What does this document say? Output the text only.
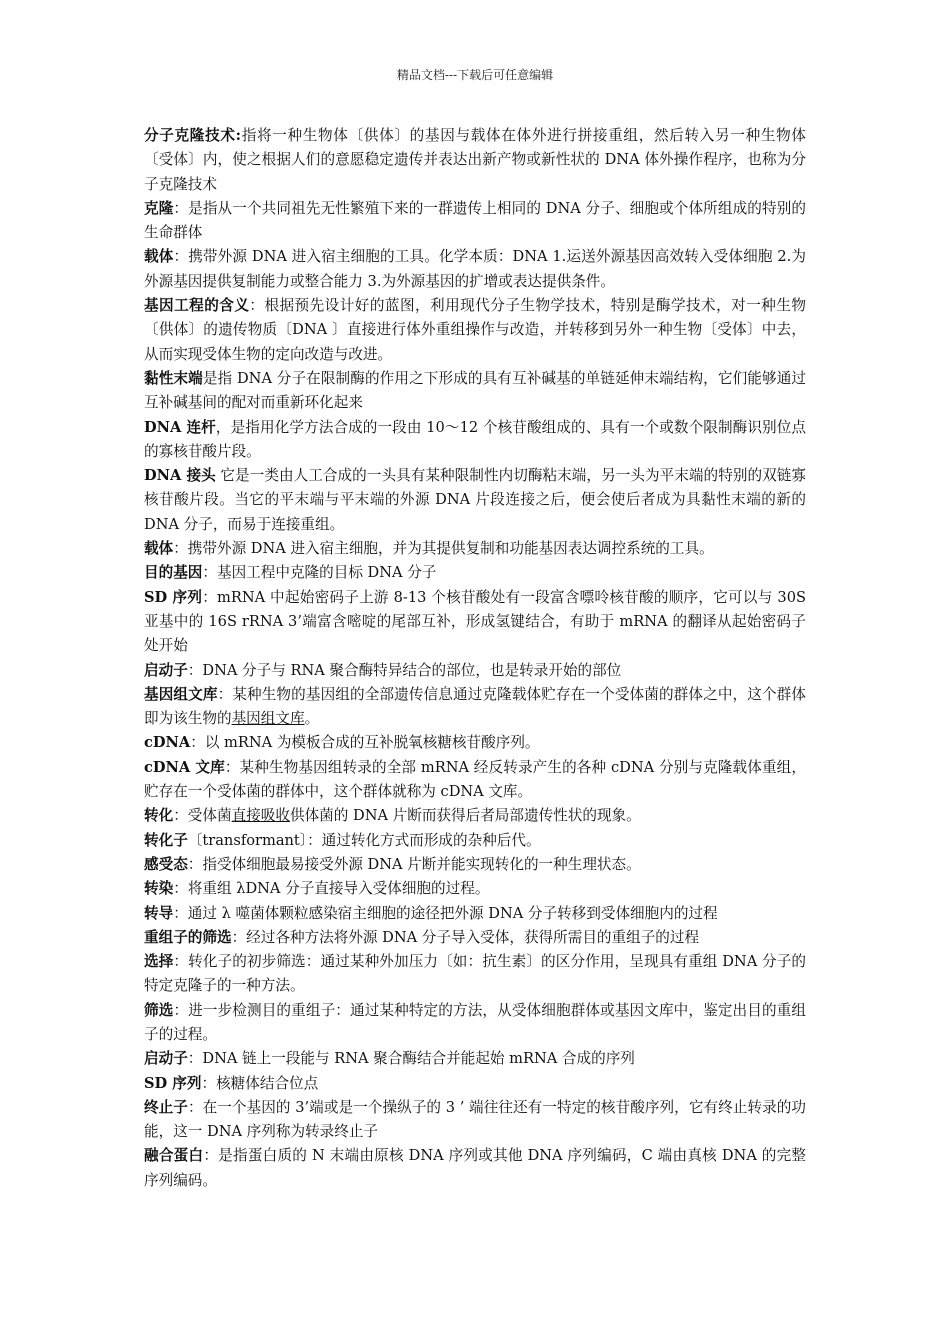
精品文档---下载后可任意编辑

分子克隆技术:指将一种生物体〔供体〕的基因与载体在体外进行拼接重组，然后转入另一种生物体〔受体〕内，使之根据人们的意愿稳定遗传并表达出新产物或新性状的 DNA 体外操作程序，也称为分子克隆技术

克隆：是指从一个共同祖先无性繁殖下来的一群遗传上相同的 DNA 分子、细胞或个体所组成的特别的生命群体

载体：携带外源 DNA 进入宿主细胞的工具。化学本质：DNA 1.运送外源基因高效转入受体细胞 2.为外源基因提供复制能力或整合能力 3.为外源基因的扩增或表达提供条件。

基因工程的含义：根据预先设计好的蓝图，利用现代分子生物学技术，特别是酶学技术，对一种生物〔供体〕的遗传物质〔DNA 〕直接进行体外重组操作与改造，并转移到另外一种生物〔受体〕中去，从而实现受体生物的定向改造与改进。

黏性末端是指 DNA 分子在限制酶的作用之下形成的具有互补碱基的单链延伸末端结构，它们能够通过互补碱基间的配对而重新环化起来

DNA 连杆，是指用化学方法合成的一段由 10～12 个核苷酸组成的、具有一个或数个限制酶识别位点的寡核苷酸片段。

DNA 接头 它是一类由人工合成的一头具有某种限制性内切酶粘末端，另一头为平末端的特别的双链寡核苷酸片段。当它的平末端与平末端的外源 DNA 片段连接之后，便会使后者成为具黏性末端的新的 DNA 分子，而易于连接重组。

载体：携带外源 DNA 进入宿主细胞，并为其提供复制和功能基因表达调控系统的工具。

目的基因：基因工程中克隆的目标 DNA 分子

SD 序列：mRNA 中起始密码子上游 8-13 个核苷酸处有一段富含嘌呤核苷酸的顺序，它可以与 30S 亚基中的 16S rRNA 3’端富含嘧啶的尾部互补，形成氢键结合，有助于 mRNA 的翻译从起始密码子处开始

启动子：DNA 分子与 RNA 聚合酶特异结合的部位，也是转录开始的部位

基因组文库：某种生物的基因组的全部遗传信息通过克隆载体贮存在一个受体菌的群体之中，这个群体即为该生物的基因组文库。

cDNA：以 mRNA 为模板合成的互补脱氧核糖核苷酸序列。

cDNA 文库：某种生物基因组转录的全部 mRNA 经反转录产生的各种 cDNA 分别与克隆载体重组，贮存在一个受体菌的群体中，这个群体就称为 cDNA 文库。

转化：受体菌直接吸收供体菌的 DNA 片断而获得后者局部遗传性状的现象。

转化子〔transformant〕：通过转化方式而形成的杂种后代。

感受态：指受体细胞最易接受外源 DNA 片断并能实现转化的一种生理状态。

转染：将重组 λDNA 分子直接导入受体细胞的过程。

转导：通过 λ 噬菌体颗粒感染宿主细胞的途径把外源 DNA 分子转移到受体细胞内的过程

重组子的筛选：经过各种方法将外源 DNA 分子导入受体，获得所需目的重组子的过程

选择：转化子的初步筛选：通过某种外加压力〔如：抗生素〕的区分作用，呈现具有重组 DNA 分子的特定克隆子的一种方法。

筛选：进一步检测目的重组子：通过某种特定的方法，从受体细胞群体或基因文库中，鉴定出目的重组子的过程。

启动子：DNA 链上一段能与 RNA 聚合酶结合并能起始 mRNA 合成的序列

SD 序列：核糖体结合位点

终止子：在一个基因的 3’端或是一个操纵子的 3 ’ 端往往还有一特定的核苷酸序列，它有终止转录的功能，这一 DNA 序列称为转录终止子

融合蛋白：是指蛋白质的 N 末端由原核 DNA 序列或其他 DNA 序列编码，C 端由真核 DNA 的完整序列编码。
